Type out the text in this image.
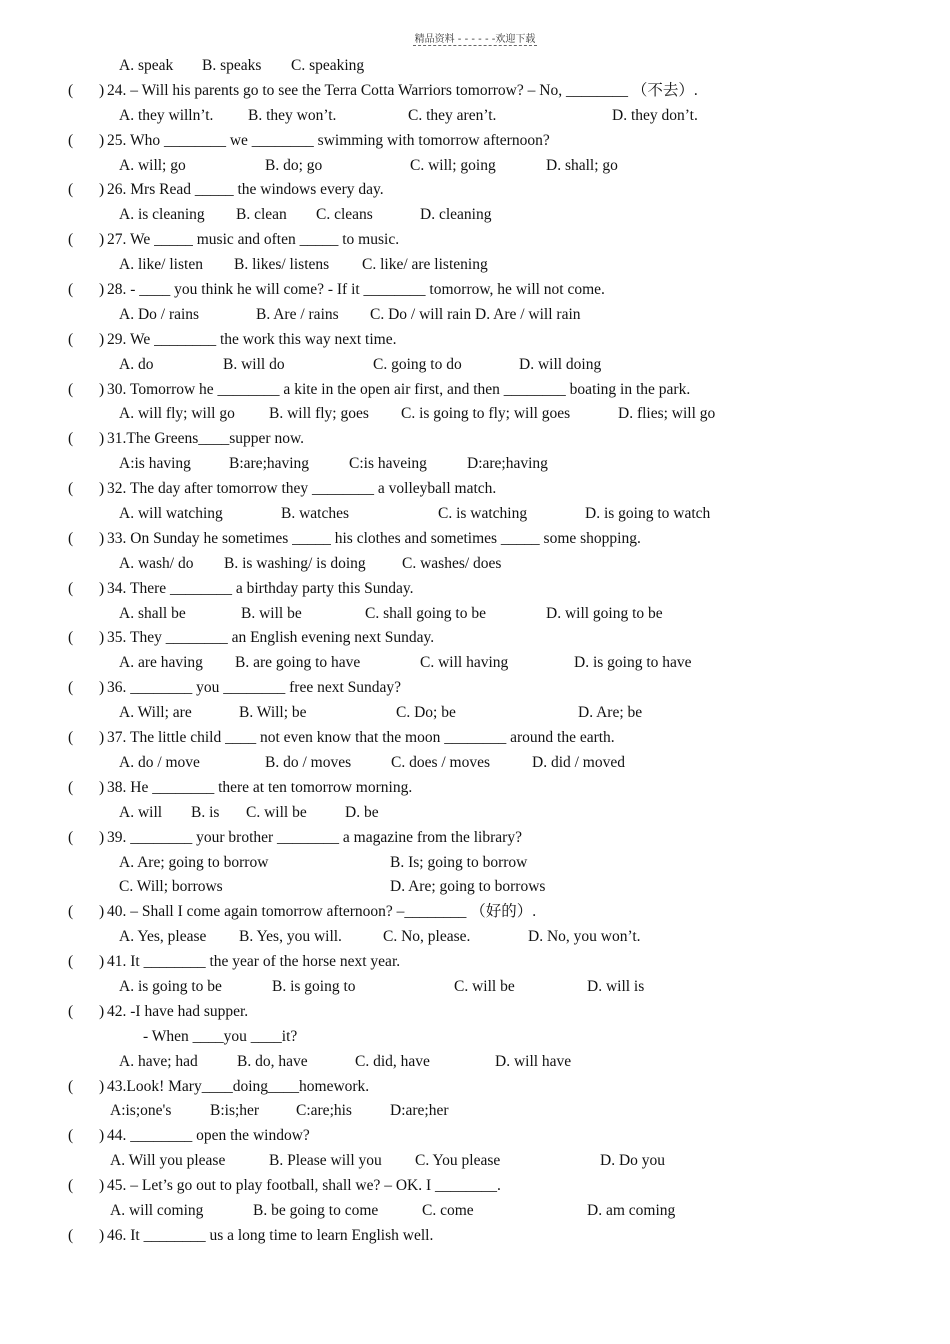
精品资料 - - - - - -欢迎下载
A. speak B. speaks C. speaking
( ) 24. – Will his parents go to see the Terra Cotta Warriors tomorrow? – No, ________ （不去）.
A. they willn’t. B. they won’t.	C. they aren’t.	D. they don’t.
( ) 25. Who ________ we ________ swimming with tomorrow afternoon?
A. will; go	B. do; go	C. will; going	D. shall; go
( ) 26. Mrs Read _____ the windows every day.
A. is cleaning B. clean C. cleans	D. cleaning
( ) 27. We _____ music and often _____ to music.
A. like/ listen B. likes/ listens C. like/ are listening
( ) 28. - ____ you think he will come? - If it ________ tomorrow, he will not come.
A. Do / rains	B. Are / rains C. Do / will rain D. Are / will rain
( ) 29. We ________ the work this way next time.
A. do	B. will do	C. going to do	D. will doing
( ) 30. Tomorrow he ________ a kite in the open air first, and then ________ boating in the park.
A. will fly; will go B. will fly; goes C. is going to fly; will goes	D. flies; will go
( ) 31.The Greens____supper now.
A:is having B:are;having	C:is haveing	D:are;having
( ) 32. The day after tomorrow they ________ a volleyball match.
A. will watching	B. watches	C. is watching	D. is going to watch
( ) 33. On Sunday he sometimes _____ his clothes and sometimes _____ some shopping.
A. wash/ do B. is washing/ is doing C. washes/ does
( ) 34. There ________ a birthday party this Sunday.
A. shall be	B. will be	C. shall going to be	D. will going to be
( ) 35. They ________ an English evening next Sunday.
A. are having B. are going to have	C. will having	D. is going to have
( ) 36. ________ you ________ free next Sunday?
A. Will; are	B. Will; be	C. Do; be	D. Are; be
( ) 37. The little child ____ not even know that the moon ________ around the earth.
A. do / move	B. do / moves	C. does / moves	D. did / moved
( ) 38. He ________ there at ten tomorrow morning.
A. will B. is C. will be D. be
( ) 39. ________ your brother ________ a magazine from the library?
A. Are; going to borrow	B. Is; going to borrow
C. Will; borrows	D. Are; going to borrows
( ) 40. – Shall I come again tomorrow afternoon? –________ （好的）.
A. Yes, please B. Yes, you will.	C. No, please.	D. No, you won’t.
( ) 41. It ________ the year of the horse next year.
A. is going to be	B. is going to	C. will be	D. will is
( ) 42. -I have had supper.
- When ____you ____it?
A. have; had	B. do, have	C. did, have	D. will have
( ) 43.Look! Mary____doing____homework.
A:is;one's B:is;her C:are;his D:are;her
( ) 44. ________ open the window?
A. Will you please	B. Please will you C. You please	D. Do you
( ) 45. – Let’s go out to play football, shall we? – OK. I ________.
A. will coming	B. be going to come	C. come	D. am coming
( ) 46. It ________ us a long time to learn English well.
